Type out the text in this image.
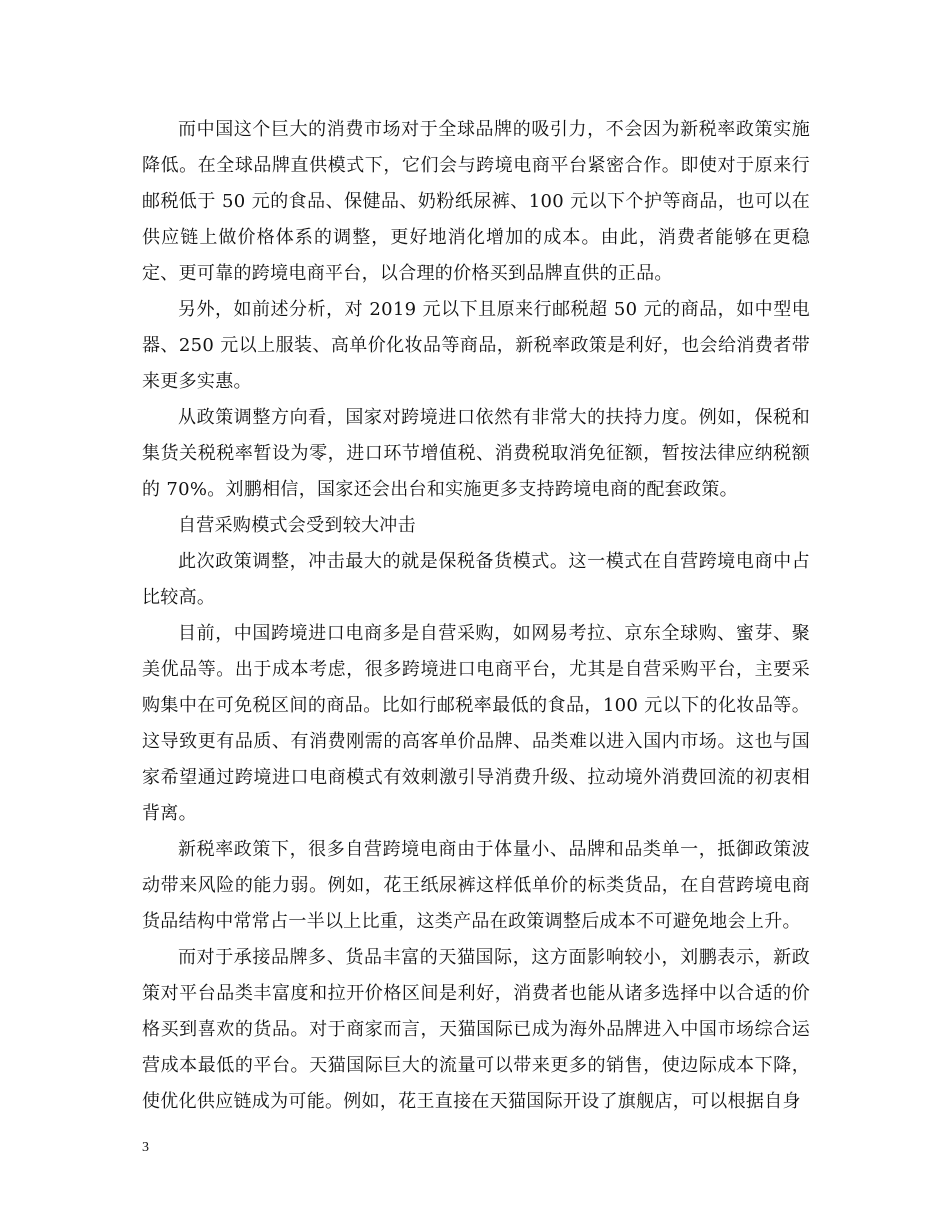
而中国这个巨大的消费市场对于全球品牌的吸引力，不会因为新税率政策实施降低。在全球品牌直供模式下，它们会与跨境电商平台紧密合作。即使对于原来行邮税低于 50 元的食品、保健品、奶粉纸尿裤、100 元以下个护等商品，也可以在供应链上做价格体系的调整，更好地消化增加的成本。由此，消费者能够在更稳定、更可靠的跨境电商平台，以合理的价格买到品牌直供的正品。

另外，如前述分析，对 2019 元以下且原来行邮税超 50 元的商品，如中型电器、250 元以上服装、高单价化妆品等商品，新税率政策是利好，也会给消费者带来更多实惠。

从政策调整方向看，国家对跨境进口依然有非常大的扶持力度。例如，保税和集货关税税率暂设为零，进口环节增值税、消费税取消免征额，暂按法律应纳税额的 70%。刘鹏相信，国家还会出台和实施更多支持跨境电商的配套政策。

自营采购模式会受到较大冲击

此次政策调整，冲击最大的就是保税备货模式。这一模式在自营跨境电商中占比较高。

目前，中国跨境进口电商多是自营采购，如网易考拉、京东全球购、蜜芽、聚美优品等。出于成本考虑，很多跨境进口电商平台，尤其是自营采购平台，主要采购集中在可免税区间的商品。比如行邮税率最低的食品，100 元以下的化妆品等。这导致更有品质、有消费刚需的高客单价品牌、品类难以进入国内市场。这也与国家希望通过跨境进口电商模式有效刺激引导消费升级、拉动境外消费回流的初衷相背离。

新税率政策下，很多自营跨境电商由于体量小、品牌和品类单一，抵御政策波动带来风险的能力弱。例如，花王纸尿裤这样低单价的标类货品，在自营跨境电商货品结构中常常占一半以上比重，这类产品在政策调整后成本不可避免地会上升。

而对于承接品牌多、货品丰富的天猫国际，这方面影响较小，刘鹏表示，新政策对平台品类丰富度和拉开价格区间是利好，消费者也能从诸多选择中以合适的价格买到喜欢的货品。对于商家而言，天猫国际已成为海外品牌进入中国市场综合运营成本最低的平台。天猫国际巨大的流量可以带来更多的销售，使边际成本下降，使优化供应链成为可能。例如，花王直接在天猫国际开设了旗舰店，可以根据自身

3
